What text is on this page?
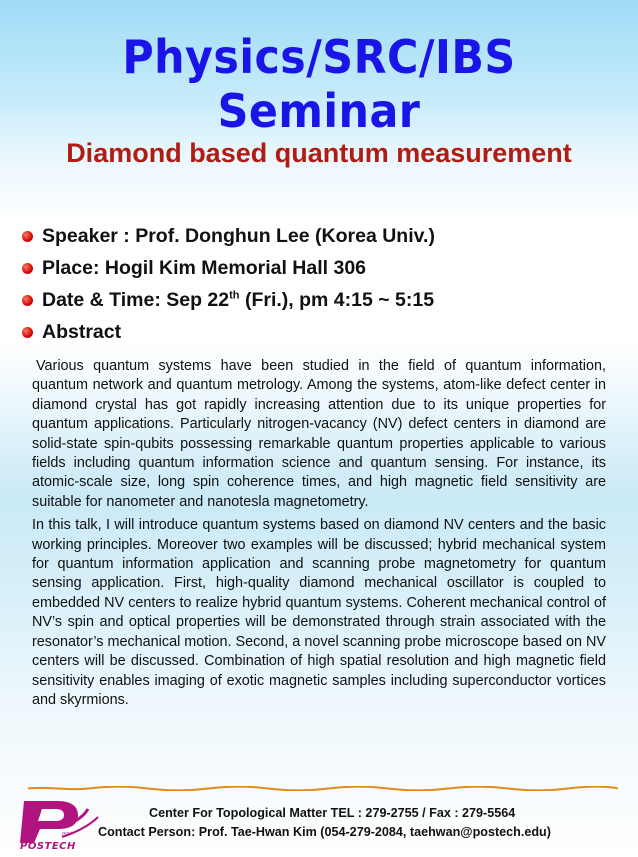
Physics/SRC/IBS Seminar
Diamond based quantum measurement
Speaker : Prof. Donghun Lee (Korea Univ.)
Place: Hogil Kim Memorial Hall 306
Date & Time: Sep 22th (Fri.), pm 4:15 ~ 5:15
Abstract

Various quantum systems have been studied in the field of quantum information, quantum network and quantum metrology. Among the systems, atom-like defect center in diamond crystal has got rapidly increasing attention due to its unique properties for quantum applications. Particularly nitrogen-vacancy (NV) defect centers in diamond are solid-state spin-qubits possessing remarkable quantum properties applicable to various fields including quantum information science and quantum sensing. For instance, its atomic-scale size, long spin coherence times, and high magnetic field sensitivity are suitable for nanometer and nanotesla magnetometry.

In this talk, I will introduce quantum systems based on diamond NV centers and the basic working principles. Moreover two examples will be discussed; hybrid mechanical system for quantum information application and scanning probe magnetometry for quantum sensing application. First, high-quality diamond mechanical oscillator is coupled to embedded NV centers to realize hybrid quantum systems. Coherent mechanical control of NV’s spin and optical properties will be demonstrated through strain associated with the resonator’s mechanical motion. Second, a novel scanning probe microscope based on NV centers will be discussed. Combination of high spatial resolution and high magnetic field sensitivity enables imaging of exotic magnetic samples including superconductor vortices and skyrmions.

ᵖᵒˢᵗ
POSTECH
Center For Topological Matter TEL : 279-2755 / Fax : 279-5564
Contact Person: Prof. Tae-Hwan Kim (054-279-2084, taehwan@postech.edu)
